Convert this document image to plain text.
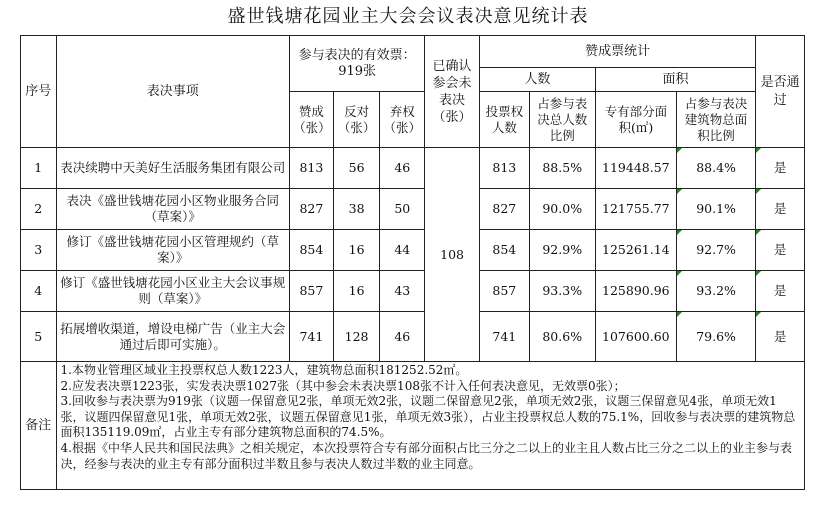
盛世钱塘花园业主大会会议表决意见统计表
序号	表决事项	参与表决的有效票：919张			已确认参会未表决（张）	赞成票统计				是否通过
						人数		面积		
		赞成（张）	反对（张）	弃权（张）		投票权人数	占参与表决总人数比例	专有部分面积(㎡)	占参与表决建筑物总面积比例	
1	表决续聘中天美好生活服务集团有限公司	813	56	46	108	813	88.5%	119448.57	88.4%	是
2	表决《盛世钱塘花园小区物业服务合同（草案）》	827	38	50		827	90.0%	121755.77	90.1%	是
3	修订《盛世钱塘花园小区管理规约（草案）》	854	16	44		854	92.9%	125261.14	92.7%	是
4	修订《盛世钱塘花园小区业主大会议事规则（草案）》	857	16	43		857	93.3%	125890.96	93.2%	是
5	拓展增收渠道，增设电梯广告（业主大会通过后即可实施）。	741	128	46		741	80.6%	107600.60	79.6%	是
备注	1.本物业管理区域业主投票权总人数1223人，建筑物总面积181252.52㎡。
2.应发表决票1223张，实发表决票1027张（其中参会未表决票108张不计入任何表决意见，无效票0张）；
3.回收参与表决票为919张（议题一保留意见2张，单项无效2张，议题二保留意见2张，单项无效2张，议题三保留意见4张，单项无效1张，议题四保留意见1张，单项无效2张，议题五保留意见1张，单项无效3张），占业主投票权总人数的75.1%，回收参与表决票的建筑物总面积135119.09㎡，占业主专有部分建筑物总面积的74.5%。
4.根据《中华人民共和国民法典》之相关规定，本次投票符合专有部分面积占比三分之二以上的业主且人数占比三分之二以上的业主参与表决，经参与表决的业主专有部分面积过半数且参与表决人数过半数的业主同意。									
